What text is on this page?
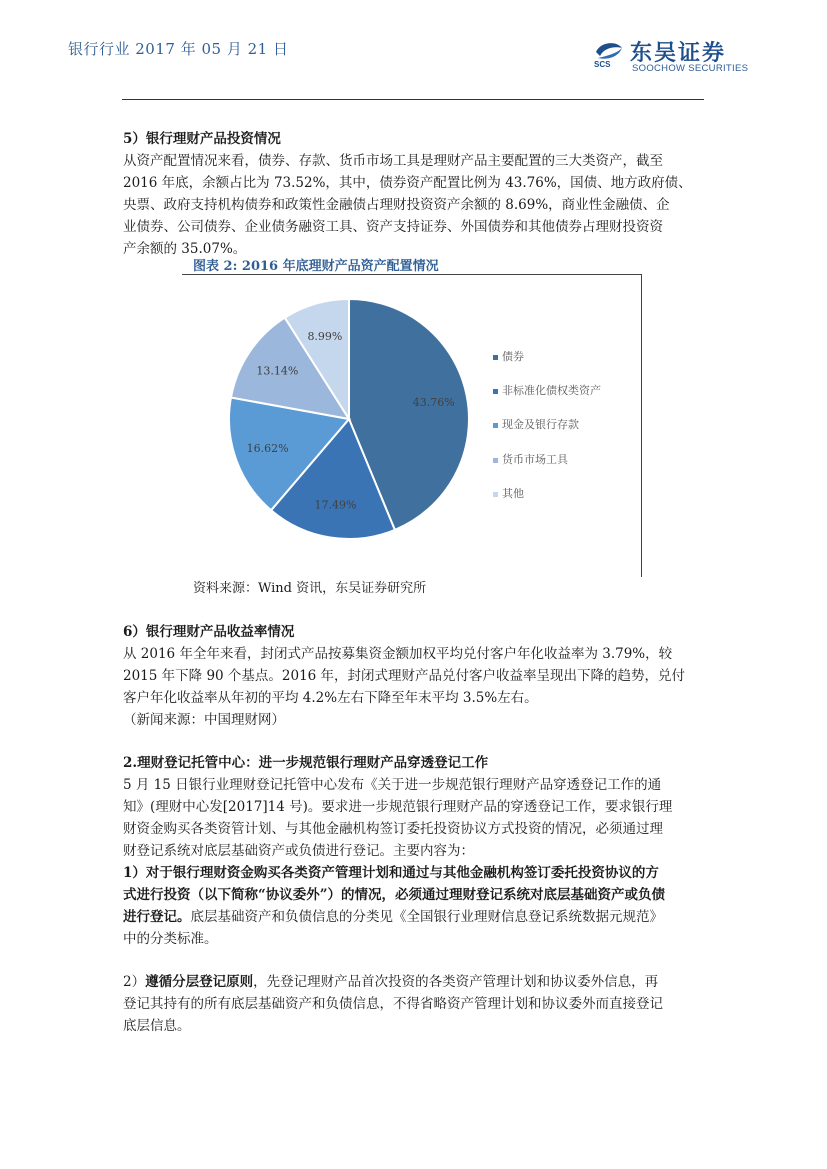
银行行业 2017 年 05 月 21 日
SCS 东吴证券
SOOCHOW SECURITIES
5）银行理财产品投资情况
从资产配置情况来看，债券、存款、货币市场工具是理财产品主要配置的三大类资产，截至
2016 年底，余额占比为 73.52%，其中，债券资产配置比例为 43.76%，国债、地方政府债、
央票、政府支持机构债券和政策性金融债占理财投资资产余额的 8.69%，商业性金融债、企
业债券、公司债券、企业债务融资工具、资产支持证券、外国债券和其他债券占理财投资资
产余额的 35.07%。
图表 2: 2016 年底理财产品资产配置情况
43.76%
17.49%
16.62%
13.14%
8.99%
债券
非标准化债权类资产
现金及银行存款
货币市场工具
其他
资料来源：Wind 资讯，东吴证券研究所
6）银行理财产品收益率情况
从 2016 年全年来看，封闭式产品按募集资金额加权平均兑付客户年化收益率为 3.79%，较
2015 年下降 90 个基点。2016 年，封闭式理财产品兑付客户收益率呈现出下降的趋势，兑付
客户年化收益率从年初的平均 4.2%左右下降至年末平均 3.5%左右。
（新闻来源：中国理财网）
2.理财登记托管中心：进一步规范银行理财产品穿透登记工作
5 月 15 日银行业理财登记托管中心发布《关于进一步规范银行理财产品穿透登记工作的通
知》(理财中心发[2017]14 号)。要求进一步规范银行理财产品的穿透登记工作，要求银行理
财资金购买各类资管计划、与其他金融机构签订委托投资协议方式投资的情况，必须通过理
财登记系统对底层基础资产或负债进行登记。主要内容为：
1）对于银行理财资金购买各类资产管理计划和通过与其他金融机构签订委托投资协议的方
式进行投资（以下简称“协议委外”）的情况，必须通过理财登记系统对底层基础资产或负债
进行登记。底层基础资产和负债信息的分类见《全国银行业理财信息登记系统数据元规范》
中的分类标准。
2）遵循分层登记原则，先登记理财产品首次投资的各类资产管理计划和协议委外信息，再
登记其持有的所有底层基础资产和负债信息，不得省略资产管理计划和协议委外而直接登记
底层信息。
